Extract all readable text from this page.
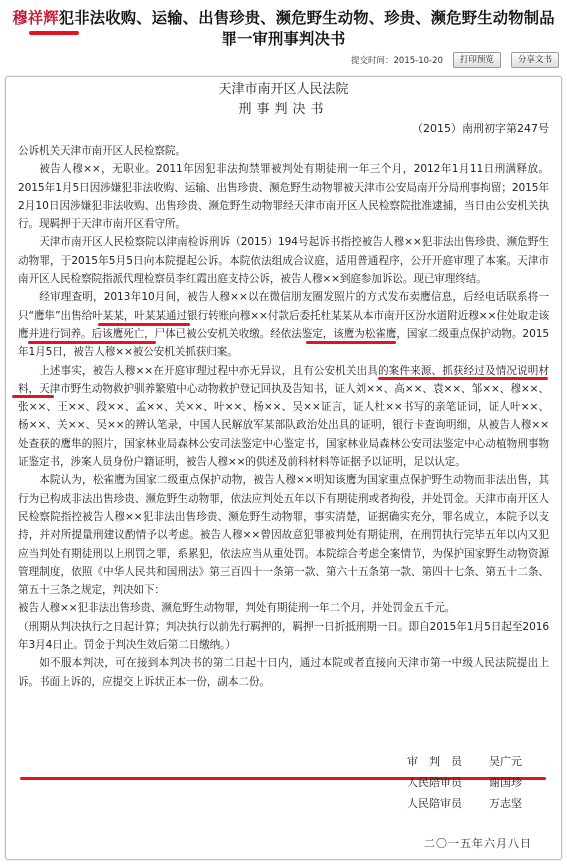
穆祥辉犯非法收购、运输、出售珍贵、濒危野生动物、珍贵、濒危野生动物制品罪一审刑事判决书
提交时间：2015-10-20	打印预览	分享文书
天津市南开区人民法院
刑事判决书
（2015）南刑初字第247号

公诉机关天津市南开区人民检察院。

被告人穆××，无职业。2011年因犯非法拘禁罪被判处有期徒刑一年三个月，2012年1月11日刑满释放。2015年1月5日因涉嫌犯非法收购、运输、出售珍贵、濒危野生动物罪被天津市公安局南开分局刑事拘留；2015年2月10日因涉嫌犯非法收购、出售珍贵、濒危野生动物罪经天津市南开区人民检察院批准逮捕，当日由公安机关执行。现羁押于天津市南开区看守所。

天津市南开区人民检察院以津南检诉刑诉（2015）194号起诉书指控被告人穆××犯非法出售珍贵、濒危野生动物罪，于2015年5月5日向本院提起公诉。本院依法组成合议庭，适用普通程序，公开开庭审理了本案。天津市南开区人民检察院指派代理检察员李红霞出庭支持公诉，被告人穆××到庭参加诉讼。现已审理终结。

经审理查明，2013年10月间，被告人穆××以在微信朋友圈发照片的方式发布卖鹰信息，后经电话联系将一只“鹰隼”出售给叶某某，叶某某通过银行转账向穆××付款后委托杜某某从本市南开区汾水道附近穆××住处取走该鹰并进行饲养。后该鹰死亡，尸体已被公安机关收缴。经依法鉴定，该鹰为松雀鹰，国家二级重点保护动物。2015年1月5日，被告人穆××被公安机关抓获归案。

上述事实，被告人穆××在开庭审理过程中亦无异议，且有公安机关出具的案件来源、抓获经过及情况说明材料，天津市野生动物救护驯养繁殖中心动物救护登记回执及告知书，证人刘××、高××、袁××、邹××、穆××、张××、王××、段××、孟××、关××、叶××、杨××、吴××证言，证人杜××书写的亲笔证词，证人叶××、杨××、关××、吴××的辨认笔录，中国人民解放军某部队政治处出具的证明，银行卡查询明细，从被告人穆××处查获的鹰隼的照片，国家林业局森林公安司法鉴定中心鉴定书，国家林业局森林公安司法鉴定中心动植物刑事物证鉴定书，涉案人员身份户籍证明，被告人穆××的供述及前科材料等证据予以证明，足以认定。

本院认为，松雀鹰为国家二级重点保护动物，被告人穆××明知该鹰为国家重点保护野生动物而非法出售，其行为已构成非法出售珍贵、濒危野生动物罪，依法应判处五年以下有期徒刑或者拘役，并处罚金。天津市南开区人民检察院指控被告人穆××犯非法出售珍贵、濒危野生动物罪，事实清楚，证据确实充分，罪名成立，本院予以支持，并对所提量刑建议酌情予以考虑。被告人穆××曾因故意犯罪被判处有期徒刑，在刑罚执行完毕五年以内又犯应当判处有期徒刑以上刑罚之罪，系累犯，依法应当从重处罚。本院综合考虑全案情节，为保护国家野生动物资源管理制度，依照《中华人民共和国刑法》第三百四十一条第一款、第六十五条第一款、第四十七条、第五十二条、第五十三条之规定，判决如下：

被告人穆××犯非法出售珍贵、濒危野生动物罪，判处有期徒刑一年二个月，并处罚金五千元。

（刑期从判决执行之日起计算；判决执行以前先行羁押的，羁押一日折抵刑期一日。即自2015年1月5日起至2016年3月4日止。罚金于判决生效后第二日缴纳。）

如不服本判决，可在接到本判决书的第二日起十日内，通过本院或者直接向天津市第一中级人民法院提出上诉。书面上诉的，应提交上诉状正本一份，副本二份。

审　判　员 吴广元
人民陪审员 谢国珍
人民陪审员 万志坚
二〇一五年六月八日
